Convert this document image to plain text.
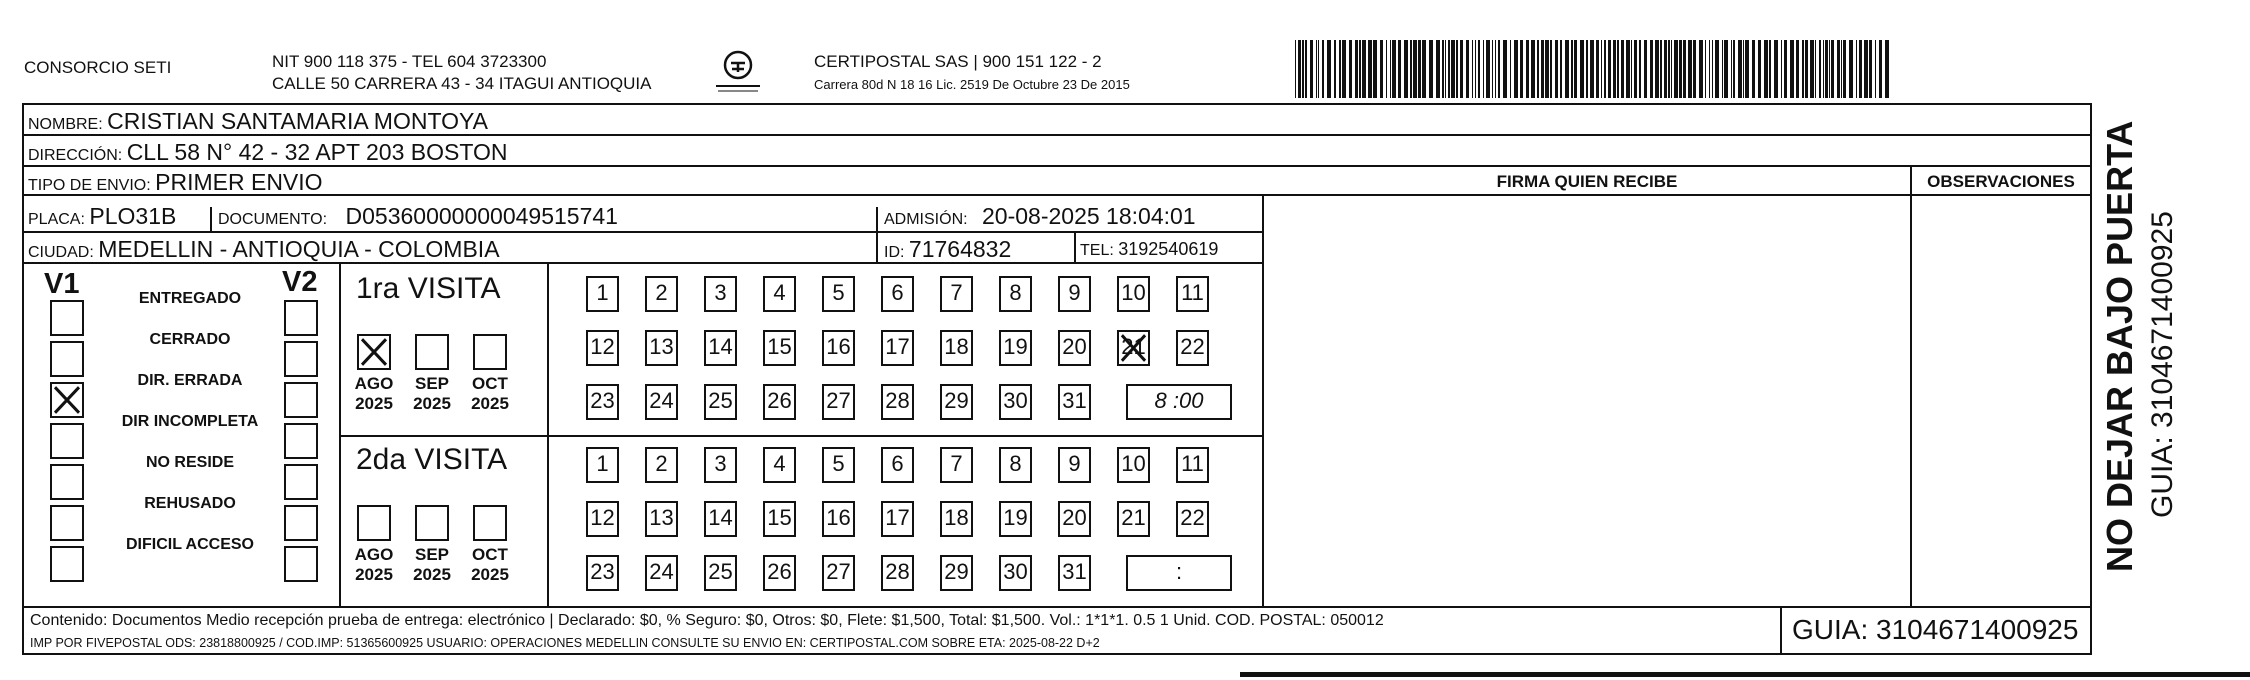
CONSORCIO SETI	NIT 900 118 375 - TEL 604 3723300
CALLE 50 CARRERA 43 - 34 ITAGUI ANTIOQUIA
CERTIPOSTAL SAS | 900 151 122 - 2
Carrera 80d N 18 16 Lic. 2519 De Octubre 23 De 2015
NOMBRE: CRISTIAN SANTAMARIA MONTOYA
DIRECCIÓN: CLL 58 N° 42 - 32 APT 203 BOSTON
TIPO DE ENVIO: PRIMER ENVIO
PLACA: PLO31B	DOCUMENTO: D05360000000049515741	ADMISIÓN: 20-08-2025 18:04:01
CIUDAD: MEDELLIN - ANTIOQUIA - COLOMBIA	ID: 71764832	TEL: 3192540619
FIRMA QUIEN RECIBE	OBSERVACIONES
V1	V2
ENTREGADO
CERRADO
DIR. ERRADA
DIR INCOMPLETA
NO RESIDE
REHUSADO
DIFICIL ACCESO
1ra VISITA
2da VISITA
AGO
2025
SEP
2025
OCT
2025
1	2	3	4	5	6	7	8	9	10 11
12 13 14 15 16 17 18 19 20 21 22
23 24 25 26 27 28 29 30 31	8 :00
AGO
2025
SEP
2025
OCT
2025
1	2	3	4	5	6	7	8	9	10 11
12 13 14 15 16 17 18 19 20 21 22
23 24 25 26 27 28 29 30 31	:
Contenido: Documentos Medio recepción prueba de entrega: electrónico | Declarado: $0, % Seguro: $0, Otros: $0, Flete: $1,500, Total: $1,500. Vol.: 1*1*1. 0.5 1 Unid. COD. POSTAL: 050012
IMP POR FIVEPOSTAL ODS: 23818800925 / COD.IMP: 51365600925 USUARIO: OPERACIONES MEDELLIN CONSULTE SU ENVIO EN: CERTIPOSTAL.COM SOBRE ETA: 2025-08-22 D+2	GUIA: 3104671400925
NO DEJAR BAJO PUERTA GUIA: 3104671400925
